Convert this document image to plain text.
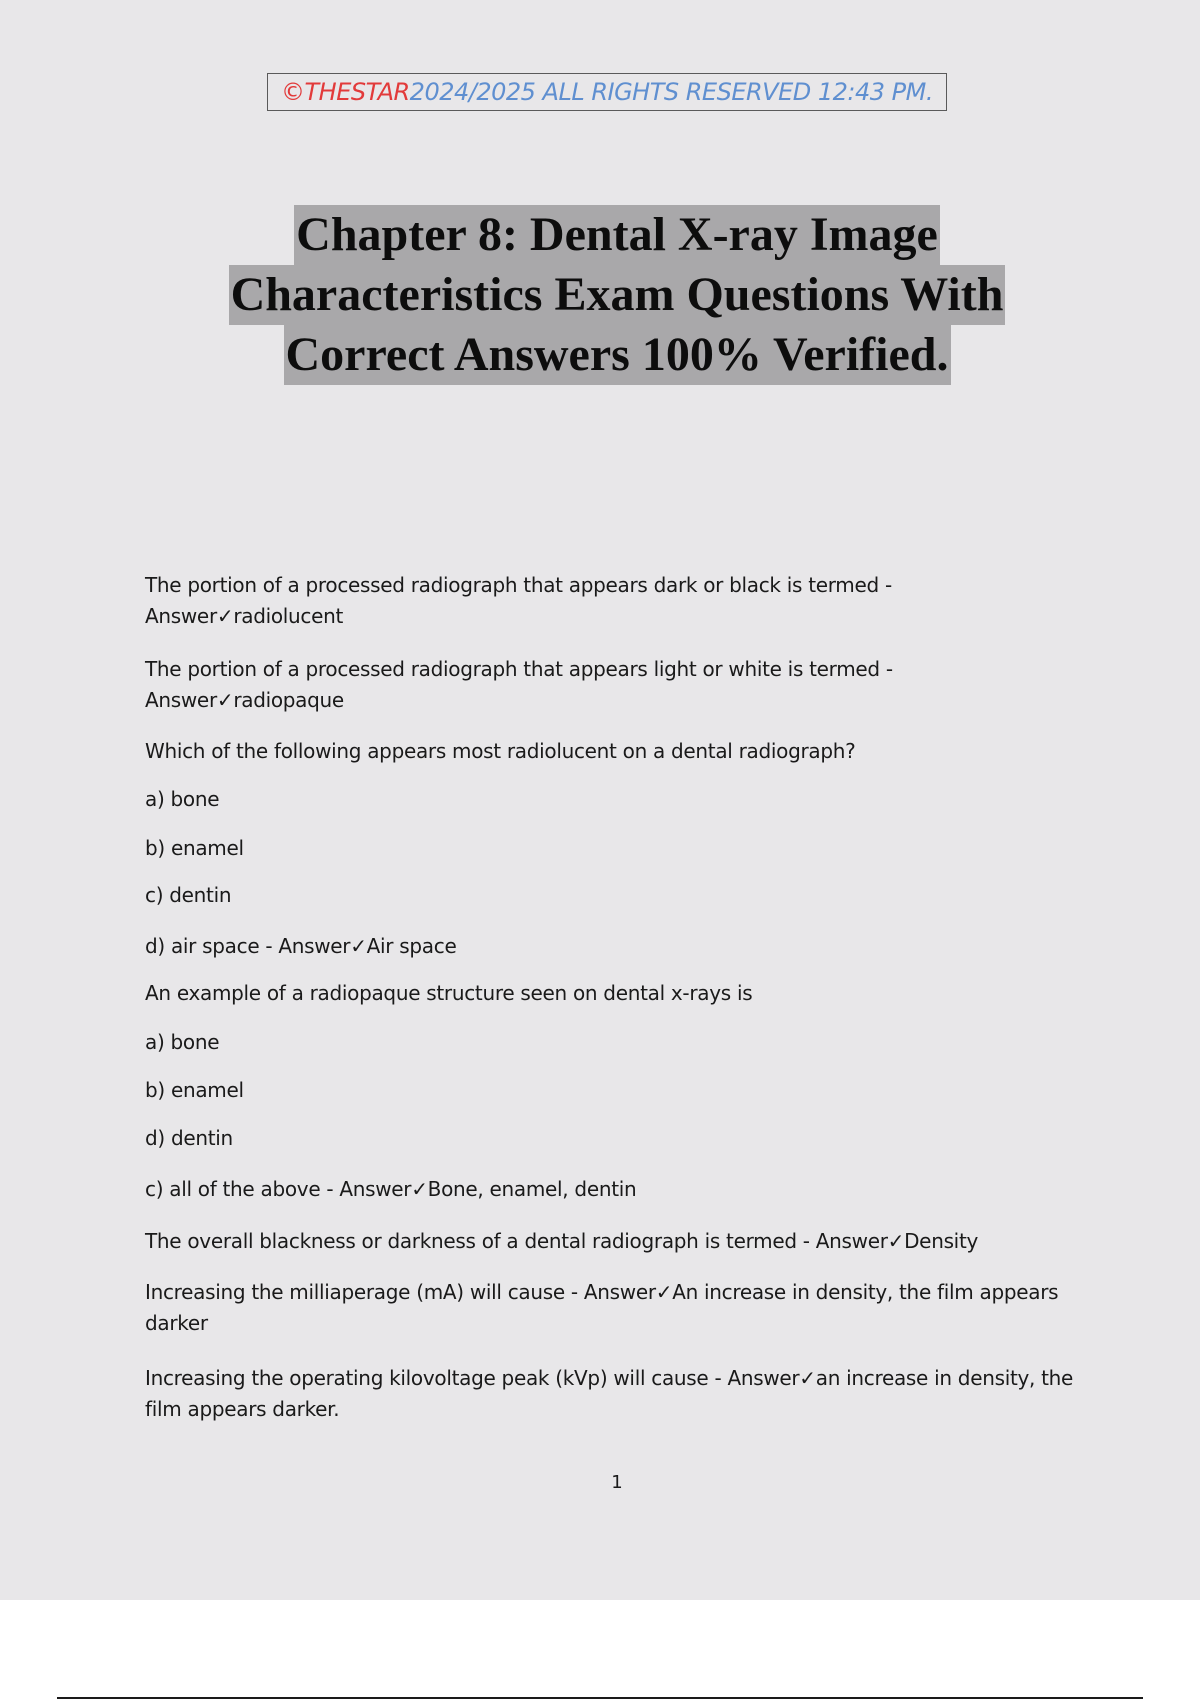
©THESTAR 2024/2025 ALL RIGHTS RESERVED 12:43 PM.
Chapter 8: Dental X-ray Image
Characteristics Exam Questions With
Correct Answers 100% Verified.

The portion of a processed radiograph that appears dark or black is termed - Answer✓radiolucent

The portion of a processed radiograph that appears light or white is termed - Answer✓radiopaque

Which of the following appears most radiolucent on a dental radiograph?

a) bone

b) enamel

c) dentin

d) air space - Answer✓Air space

An example of a radiopaque structure seen on dental x-rays is

a) bone

b) enamel

d) dentin

c) all of the above - Answer✓Bone, enamel, dentin

The overall blackness or darkness of a dental radiograph is termed - Answer✓Density

Increasing the milliaperage (mA) will cause - Answer✓An increase in density, the film appears darker

Increasing the operating kilovoltage peak (kVp) will cause - Answer✓an increase in density, the film appears darker.

1
